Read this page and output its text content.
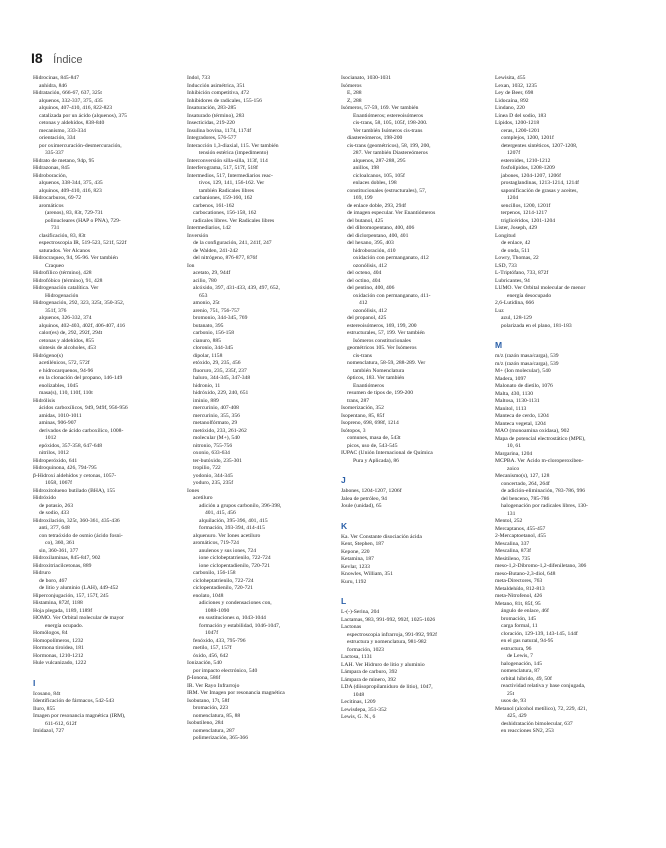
I8 Índice

Hidrocinas, 845-847

anhidra, 846

Hidratación, 666-67, 637, 325t

alquenos, 332-337, 375, 435

alquinos, 407-410, 416, 822-823

catalizada por un ácido (alquenos), 375

cetonas y aldehídos, 838-840

mecanismo, 333-334

orientación, 334

por oximercuración-desmercuración,

335-337

Hidrato de metano, 94p, 95

Hidrazonas, 845

Hidroboración,

alquenos, 338-344, 375, 435

alquinos, 409-410, 416, 823

Hidrocarburos, 69-72

aromáticos

(arenos), 83, 83t, 729-731

polinucleares (HAP o PNA), 729-

731

clasificación, 83, 83t

espectroscopia IR, 519-523, 521f, 522f

saturados. Ver Alcanos

Hidrocraqueo, 94, 95-96. Ver también

Craqueo

Hidrofílico (término), 428

Hidrofóbico (término), 91, 428

Hidrogenación catalítica. Ver

Hidrogenación

Hidrogenación, 292, 323, 325t, 350-352,

351f, 376

alquenos, 326-332, 374

alquinos, 402-403, 402f, 406-407, 416

calor(es) de, 292, 292f, 294t

cetonas y aldehídos, 855

síntesis de alcoholes, 453

Hidrógeno(s)

acetilénicos, 572, 572f

e hidrocarquenos, 94-96

en la clonación del propano, 146-149

enolizables, 1045

masa(s), 110, 110f, 110t

Hidrólisis

ácidos carboxílicos, 949, 949f, 956-956

amidas, 1010-1011

aminas, 906-907

derivados de ácido carboxílico, 1008-

1012

epóxidos, 357-358, 647-648

nitrilos, 1012

Hidroperóxido, 641

Hidroquinona, 426, 794-795

β-Hidroxi aldehídos y cetonas, 1057-

1058, 1067f

Hidroxitolueno butilado (BHA), 155

Hidróxido

de potasio, 263

de sodio, 433

Hidroxilación, 325t, 360-361, 435-436

anti, 377, 648

con tetraóxido de osmio (ácido fosni-

co), 360, 361

sin, 360-361, 377

Hidroxilaminas, 845-847, 902

Hidroxitriacilcetonas, 889

Hidruro

de boro, 467

de litio y aluminio (LAH), 449-452

Hiperconjugación, 157, 157f, 245

Histamina, 872f, 1188

Hoja plegada, 1189, 1189f

HOMO. Ver Orbital molecular de mayor

energía ocupado.

Homólogos, 84

Homopolímeros, 1232

Hormona tiroidea, 181

Hormonas, 1210-1212

Hule vulcanizado, 1222

I

Icosano, 84t

Identificación de fármacos, 542-543

Iluro, 855

Imagen por resonancia magnética (IRM),

611-612, 612f

Imidazol, 727

Indol, 733

Inducción asimétrica, 351

Inhibición competitiva, 472

Inhibidores de radicales, 155-156

Insaturación, 283-285

Insaturado (término), 283

Insecticidas, 219-220

Insulina bovina, 1174, 1174f

Integradores, 576-577

Interacción 1,3-diaxial, 115. Ver también

tensión estérica (impedimento)

Interconversión silla-silla, 113f, 114

Interferograma, 517, 517f, 518f

Intermedios, 517, Intermediarios reac-

tivos, 129, 141, 156-162. Ver

también Radicales libres

carbaniones, 159-160, 162

carbenos, 161-162

carbocationes, 156-158, 162

radicales libres. Ver Radicales libres

Intermediarios, 142

Inversión

de la configuración, 241, 241f, 247

de Walden, 241-242

del nitrógeno, 876-877, 876f

Ion

acetato, 29, 944f

acilio, 780

alcóxido, 397, 431-433, 439, 497, 652,

653

amonio, 25t

arenio, 751, 756-757

bromonio, 344-345, 769

butanato, 395

carbonio, 156-158

cianuro, 885

cloronio, 344-345

dipolar, 1158

etóxido, 29, 235, 456

fluoruro, 235, 235f, 237

haluro, 344-345, 347-348

hidronio, 11

hidróxido, 229, 240, 651

iminio, 889

mercurinio, 407-408

mercurinio, 355, 356

metanolfórmato, 29

metóxido, 233, 261-262

molecular (M+), 540

nitronio, 755-756

oxonio, 633-634

ter-butóxido, 235-301

tropilio, 722

yodonio, 344-345

yoduro, 235, 235f

Iones

acetiluro

adición a grupos carbonilo, 396-398,

401, 415, 456

alquilación, 395-396, 401, 415

formación, 393-394, 414-415

alquenuro. Ver Iones acetiluro

aromáticos, 719-724

anulenos y sus iones, 724

ione ciclobeptatrienilo, 722-724

ione ciclopentadienilo, 720-721

carbonilo, 156-158

cicloheptatrienilo, 722-724

ciclopentadienilo, 720-721

enolato, 1048

adiciones y condensaciones con,

1088-1090

en sustituciones α, 1043-1044

formación y estabilidad, 1046-1047,

1047f

fenóxido, 433, 795-796

metilo, 157, 157f

óxido, 456, 642

Ionización, 540

por impacto electrónico, 540

β-Ionona, 586f

IR. Ver Rayo Infrarrojo

IRM. Ver Imagen por resonancia magnética

Isobutano, 17t, 58f

bromación, 223

nomenclatura, 85, 88

Isobutileno, 284

nomenclatura, 287

polimerización, 365-366

Isocianato, 1030-1031

Isómeros

E, 288

Z, 288

Isómeros, 57-59, 169. Ver también

Enantiómeros; estereoisómeros

cis-trans, 58, 105, 105f, 198-200.

Ver también Isómeros cis-trans

diastereómeros, 198-200

cis-trans (geométricos), 58, 199, 200,

287. Ver también Diastereómeros

alquenos, 287-288, 295

anillos, 198

cicloalcanos, 105, 105f

enlaces dobles, 198

constitucionales (estructurales), 57,

169, 199

de enlace doble, 293, 294f

de imagen especular. Ver Enantiómeros

del butanol, 425

del dibromopentano, 400, 406

del diclorpentano, 400, 401

del hexano, 395, 403

hidroboración, 410

oxidación con permanganato, 412

ozonólisis, 412

del octeno, 404

del octino, 404

del pentino, 400, 406

oxidación con permanganato, 411-

412

ozonólisis, 412

del propanol, 425

estereoisómeros, 169, 199, 200

estructurales, 57, 199. Ver también

Isómeros constitucionales

geométricos 105. Ver Isómeros

cis-trans

nomenclatura, 58-59, 288-289. Ver

también Nomenclatura

ópticos, 183. Ver también

Enantiómeros

resumen de tipos de, 199-200

trans, 287

Isomerización, 352

Isopentano, 85, 85f

Isopreno, 698, 698f, 1214

Isótopos, 3

comunes, masa de, 543t

picos, uso de, 543-545

IUPAC (Unión Internacional de Química

Pura y Aplicada), 86

J

Jabones, 1204-1207, 1206f

Jalea de petróleo, 94

Joule (unidad), 65

K

Ka. Ver Constante disociación ácida

Kent, Stephen, 187

Kepone, 220

Ketamina, 187

Kevlar, 1233

Knowles, William, 351

Kuru, 1192

L

L-(-)-Serina, 204

Lactamas, 983, 991-992, 992f, 1025-1026

Lactonas

espectroscopia infrarroja, 991-992, 992f

estructura y nomenclatura, 981-982

formación, 1023

Lactosa, 1131

LAH. Ver Hidruro de litio y aluminio

Lámpara de carburo, 392

Lámpara de minero, 392

LDA (diisopropilamiduro de litio), 1047,

1048

Lecitinas, 1209

Lewisdepa, 351-352

Lewis, G. N., 6

Lewisita, 455

Lexan, 1032, 1235

Ley de Beer, 698

Lidocaína, 892

Lindano, 220

Línea D del sodio, 183

Lípidos, 1200-1218

ceras, 1200-1201

complejos, 1200, 1201f

detergentes sintéticos, 1207-1208,

1207f

esteroides, 1210-1212

fosfolípidos, 1208-1209

jabones, 1204-1207, 1206f

prostaglandinas, 1213-1214, 1214f

saponificación de grasas y aceites,

1204

sencillos, 1200, 1201f

terpenos, 1214-1217

triglicéridos, 1201-1204

Lister, Joseph, 429

Longitud

de enlace, 42

de onda, 511

Lowry, Thomas, 22

LSD, 733

L-Triptófano, 733, 872f

Lubricantes, 94

LUMO. Ver Orbital molecular de menor

energía desocupado

2,6-Lutidina, 666

Luz

azul, 128-129

polarizada en el plano, 181-183

M

m/z (razón masa/carga), 539

m/z (razón masa/carga), 539

M+ (Ion molecular), 540

Madera, 1097

Malonato de dietilo, 1076

Malta, 430, 1130

Maltosa, 1130-1131

Manitol, 1113

Manteca de cerdo, 1204

Manteca vegetal, 1204

MAO (monoamina oxidasa), 902

Mapa de potencial electrostático (MPE),

10, 61

Margarina, 1204

MCPBA. Ver Ácido m-cloroperoxiben-

zoico

Mecanismo(s), 127, 128

concertado, 264, 264f

de adición-eliminación, 783-786, 996

del benceno, 785-786

halogenación por radicales libres, 130-

131

Mentol, 252

Mercaptanos, 455-457

2-Mercaptoetanol, 455

Mescalina, 337

Mescalina, 873f

Mesitileno, 735

meso-1,2-Dibromo-1,2-difeniletano, 306

meso-Butano-2,3-diol, 648

meta-Directores, 763

Metaldehído, 812-813

meta-Nitrofenol, 426

Metano, 81t, 85f, 95

ángulo de enlace, 46f

bromación, 145

carga formal, 11

cloración, 129-139, 143-145, 144f

en el gas natural, 94-95

estructura, 96

de Lewis, 7

halogenación, 145

nomenclatura, 87

orbital híbrido, 49, 50f

reactividad relativa y base conjugada,

25t

usos de, 93

Metanol (alcohol metílico), 72, 229, 421,

425, 429

deshidratación bimolecular, 637

en reacciones SN2, 253
